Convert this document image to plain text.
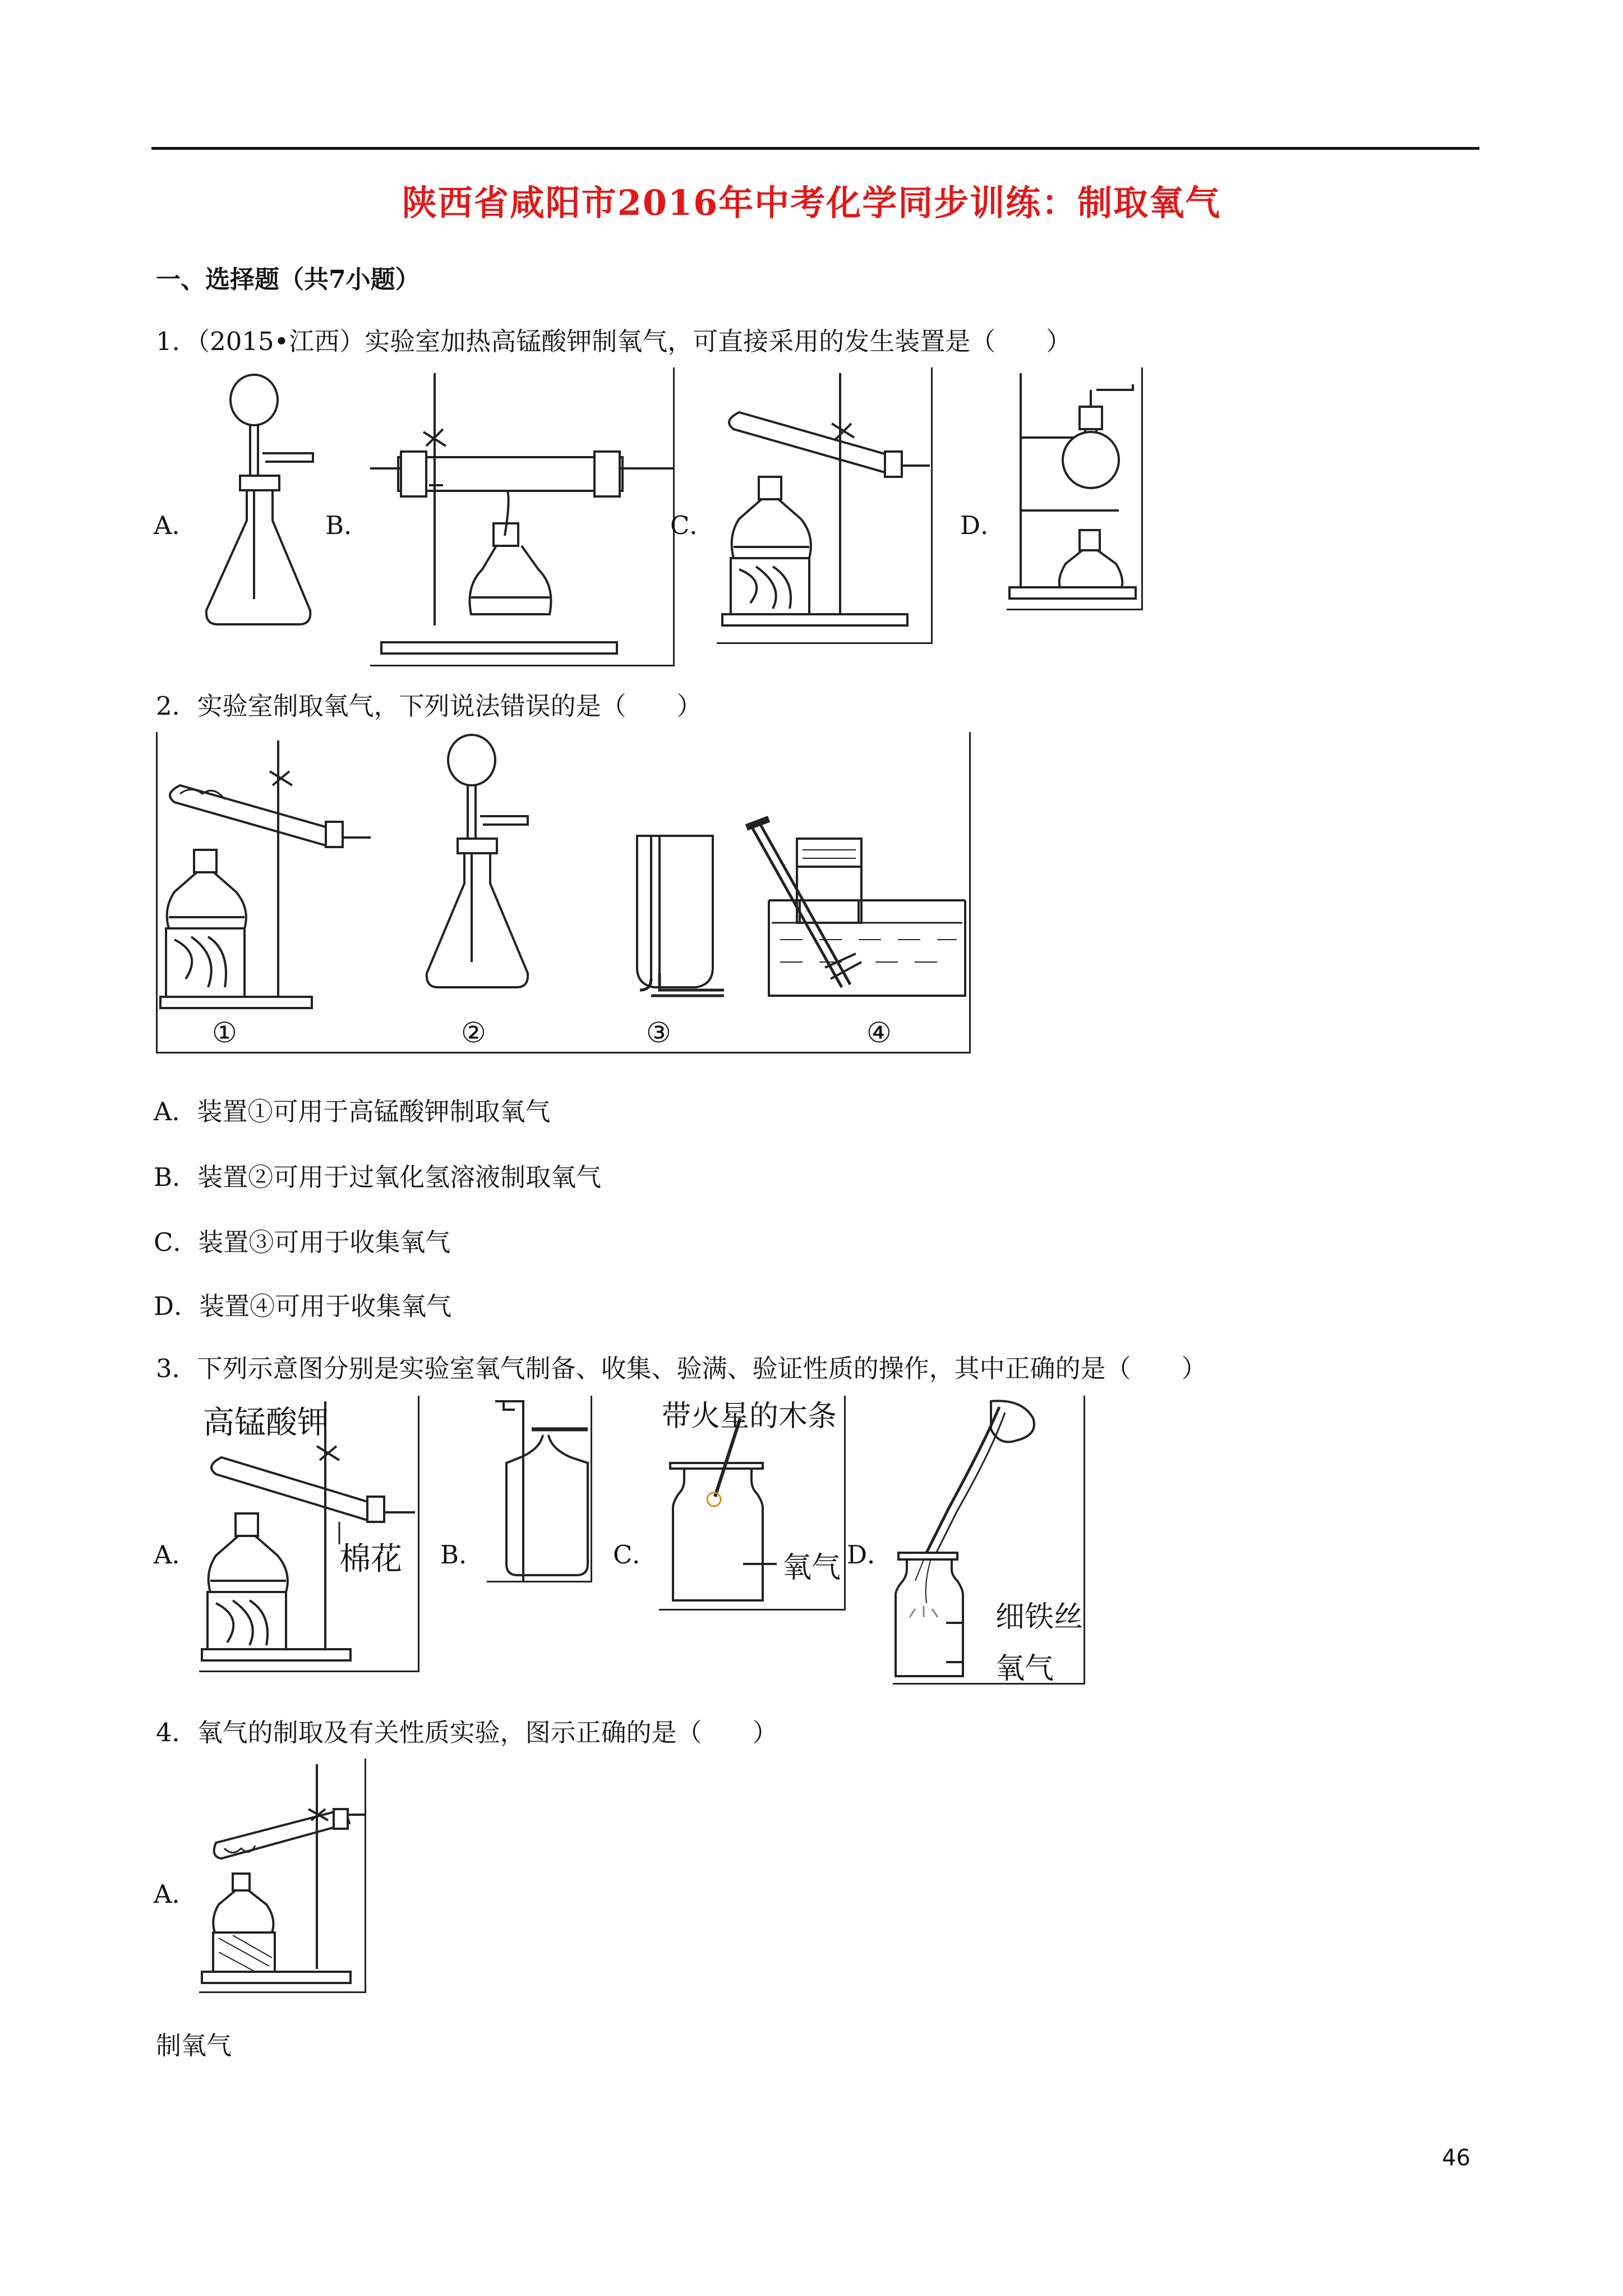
陕西省咸阳市2016年中考化学同步训练：制取氧气
一、选择题（共7小题）
1．（2015•江西）实验室加热高锰酸钾制氧气，可直接采用的发生装置是（　　）
A．	B．	C．	D．
2．实验室制取氧气，下列说法错误的是（　　）
①	②	③	④
A．装置①可用于高锰酸钾制取氧气
B．装置②可用于过氧化氢溶液制取氧气
C．装置③可用于收集氧气
D．装置④可用于收集氧气
3．下列示意图分别是实验室氧气制备、收集、验满、验证性质的操作，其中正确的是（　　）
A．
高锰酸钾
棉花 B．	C．
带火星的木条
氧气 D．
细铁丝
氧气
4．氧气的制取及有关性质实验，图示正确的是（　　）
A．
制氧气
46
